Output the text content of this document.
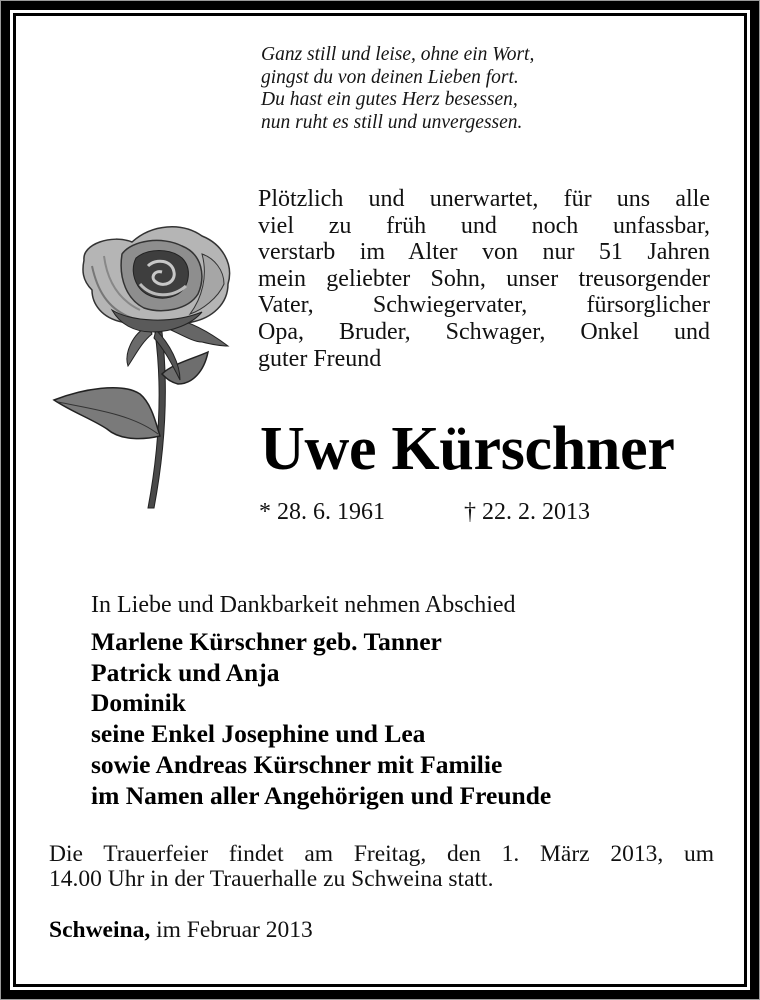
Ganz still und leise, ohne ein Wort,
gingst du von deinen Lieben fort.
Du hast ein gutes Herz besessen,
nun ruht es still und unvergessen.
Plötzlich und unerwartet, für uns alle
viel zu früh und noch unfassbar,
verstarb im Alter von nur 51 Jahren
mein geliebter Sohn, unser treusorgender
Vater, Schwiegervater, fürsorglicher
Opa, Bruder, Schwager, Onkel und
guter Freund
Uwe Kürschner
* 28. 6. 1961	† 22. 2. 2013
In Liebe und Dankbarkeit nehmen Abschied
Marlene Kürschner geb. Tanner
Patrick und Anja
Dominik
seine Enkel Josephine und Lea
sowie Andreas Kürschner mit Familie
im Namen aller Angehörigen und Freunde
Die Trauerfeier findet am Freitag, den 1. März 2013, um
14.00 Uhr in der Trauerhalle zu Schweina statt.
Schweina, im Februar 2013
